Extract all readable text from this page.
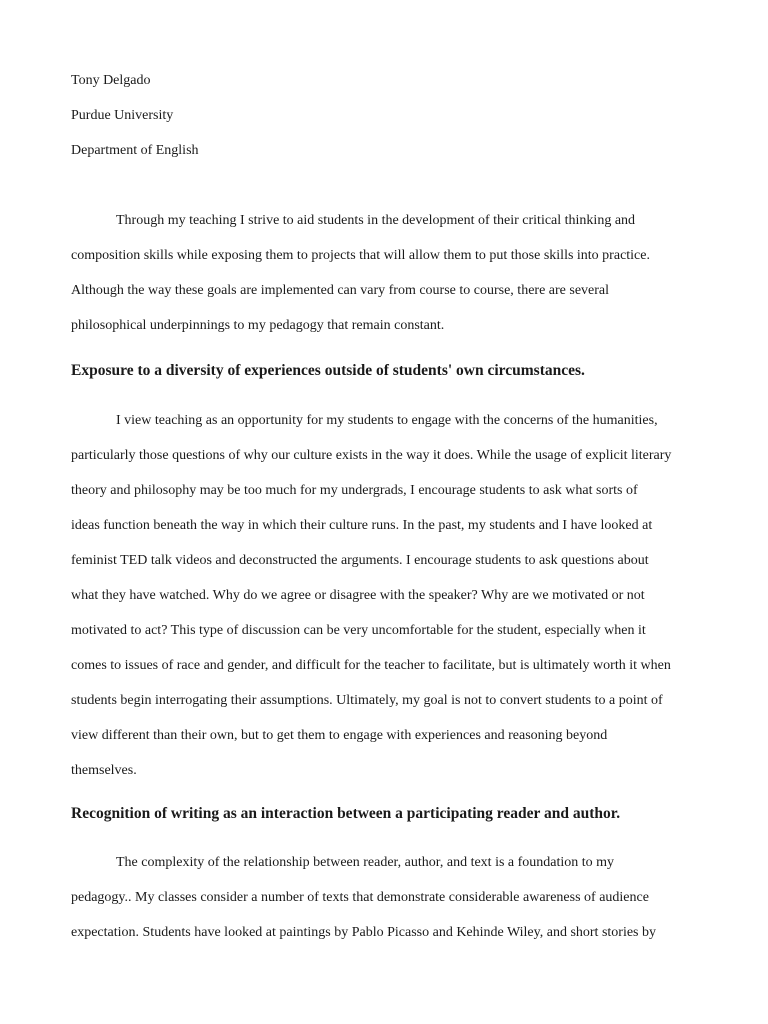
Tony Delgado

Purdue University

Department of English

Through my teaching I strive to aid students in the development of their critical thinking and
composition skills while exposing them to projects that will allow them to put those skills into practice.
Although the way these goals are implemented can vary from course to course, there are several
philosophical underpinnings to my pedagogy that remain constant.
Exposure to a diversity of experiences outside of students' own circumstances.
I view teaching as an opportunity for my students to engage with the concerns of the humanities,
particularly those questions of why our culture exists in the way it does. While the usage of explicit literary
theory and philosophy may be too much for my undergrads, I encourage students to ask what sorts of
ideas function beneath the way in which their culture runs. In the past, my students and I have looked at
feminist TED talk videos and deconstructed the arguments. I encourage students to ask questions about
what they have watched. Why do we agree or disagree with the speaker? Why are we motivated or not
motivated to act? This type of discussion can be very uncomfortable for the student, especially when it
comes to issues of race and gender, and difficult for the teacher to facilitate, but is ultimately worth it when
students begin interrogating their assumptions. Ultimately, my goal is not to convert students to a point of
view different than their own, but to get them to engage with experiences and reasoning beyond
themselves.
Recognition of writing as an interaction between a participating reader and author.
The complexity of the relationship between reader, author, and text is a foundation to my
pedagogy.. My classes consider a number of texts that demonstrate considerable awareness of audience
expectation. Students have looked at paintings by Pablo Picasso and Kehinde Wiley, and short stories by
